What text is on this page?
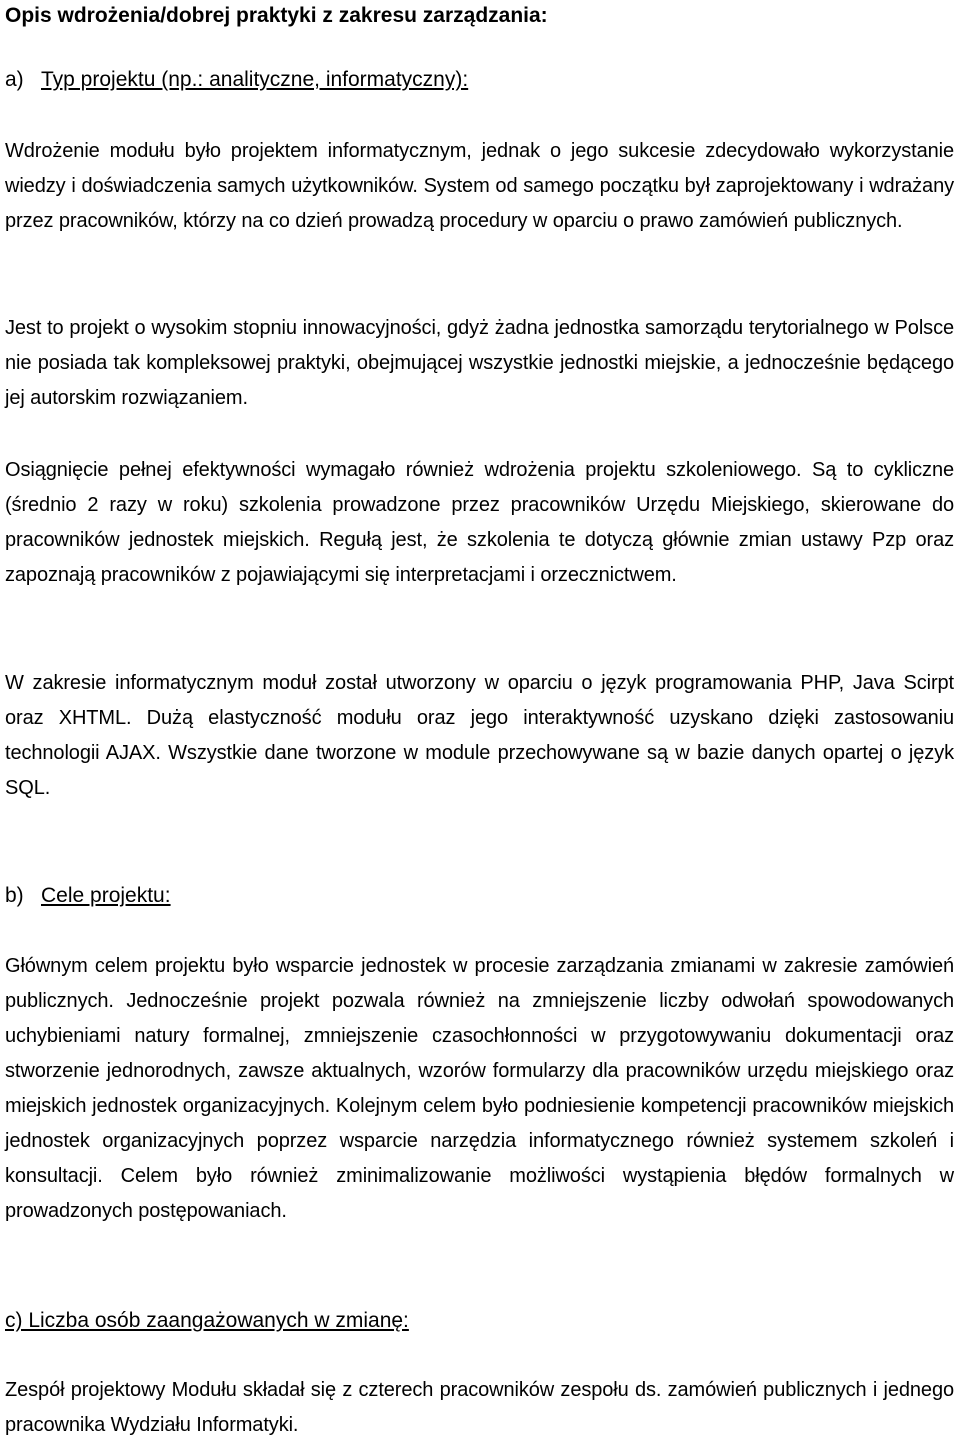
Opis wdrożenia/dobrej praktyki z zakresu zarządzania:

a) Typ projektu (np.: analityczne, informatyczny):

Wdrożenie modułu było projektem informatycznym, jednak o jego sukcesie zdecydowało wykorzystanie wiedzy i doświadczenia samych użytkowników. System od samego początku był zaprojektowany i wdrażany przez pracowników, którzy na co dzień prowadzą procedury w oparciu o prawo zamówień publicznych.

Jest to projekt o wysokim stopniu innowacyjności, gdyż żadna jednostka samorządu terytorialnego w Polsce nie posiada tak kompleksowej praktyki, obejmującej wszystkie jednostki miejskie, a jednocześnie będącego jej autorskim rozwiązaniem.

Osiągnięcie pełnej efektywności wymagało również wdrożenia projektu szkoleniowego. Są to cykliczne (średnio 2 razy w roku) szkolenia prowadzone przez pracowników Urzędu Miejskiego, skierowane do pracowników jednostek miejskich. Regułą jest, że szkolenia te dotyczą głównie zmian ustawy Pzp oraz zapoznają pracowników z pojawiającymi się interpretacjami i orzecznictwem.

W zakresie informatycznym moduł został utworzony w oparciu o język programowania PHP, Java Scirpt oraz XHTML. Dużą elastyczność modułu oraz jego interaktywność uzyskano dzięki zastosowaniu technologii AJAX. Wszystkie dane tworzone w module przechowywane są w bazie danych opartej o język SQL.

b) Cele projektu:

Głównym celem projektu było wsparcie jednostek w procesie zarządzania zmianami w zakresie zamówień publicznych. Jednocześnie projekt pozwala również na zmniejszenie liczby odwołań spowodowanych uchybieniami natury formalnej, zmniejszenie czasochłonności w przygotowywaniu dokumentacji oraz stworzenie jednorodnych, zawsze aktualnych, wzorów formularzy dla pracowników urzędu miejskiego oraz miejskich jednostek organizacyjnych. Kolejnym celem było podniesienie kompetencji pracowników miejskich jednostek organizacyjnych poprzez wsparcie narzędzia informatycznego również systemem szkoleń i konsultacji. Celem było również zminimalizowanie możliwości wystąpienia błędów formalnych w prowadzonych postępowaniach.

c) Liczba osób zaangażowanych w zmianę:

Zespół projektowy Modułu składał się z czterech pracowników zespołu ds. zamówień publicznych i jednego pracownika Wydziału Informatyki.
